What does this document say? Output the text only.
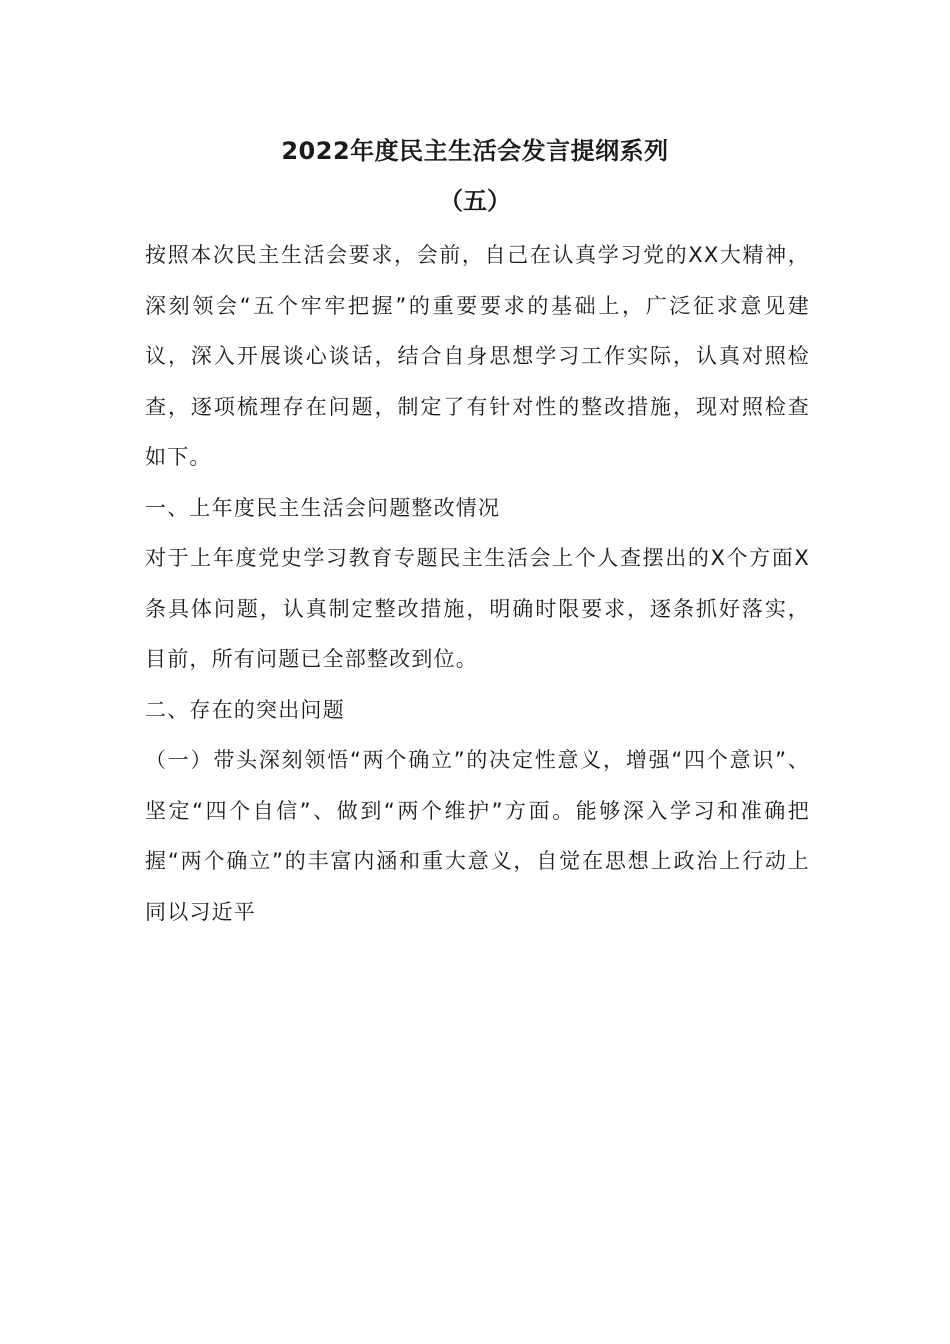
2022年度民主生活会发言提纲系列
（五）

按照本次民主生活会要求，会前，自己在认真学习党的XX大精神，深刻领会“五个牢牢把握”的重要要求的基础上，广泛征求意见建议，深入开展谈心谈话，结合自身思想学习工作实际，认真对照检查，逐项梳理存在问题，制定了有针对性的整改措施，现对照检查如下。

一、上年度民主生活会问题整改情况

对于上年度党史学习教育专题民主生活会上个人查摆出的X个方面X条具体问题，认真制定整改措施，明确时限要求，逐条抓好落实，目前，所有问题已全部整改到位。

二、存在的突出问题

（一）带头深刻领悟“两个确立”的决定性意义，增强“四个意识”、坚定“四个自信”、做到“两个维护”方面。能够深入学习和准确把握“两个确立”的丰富内涵和重大意义，自觉在思想上政治上行动上同以习近平
